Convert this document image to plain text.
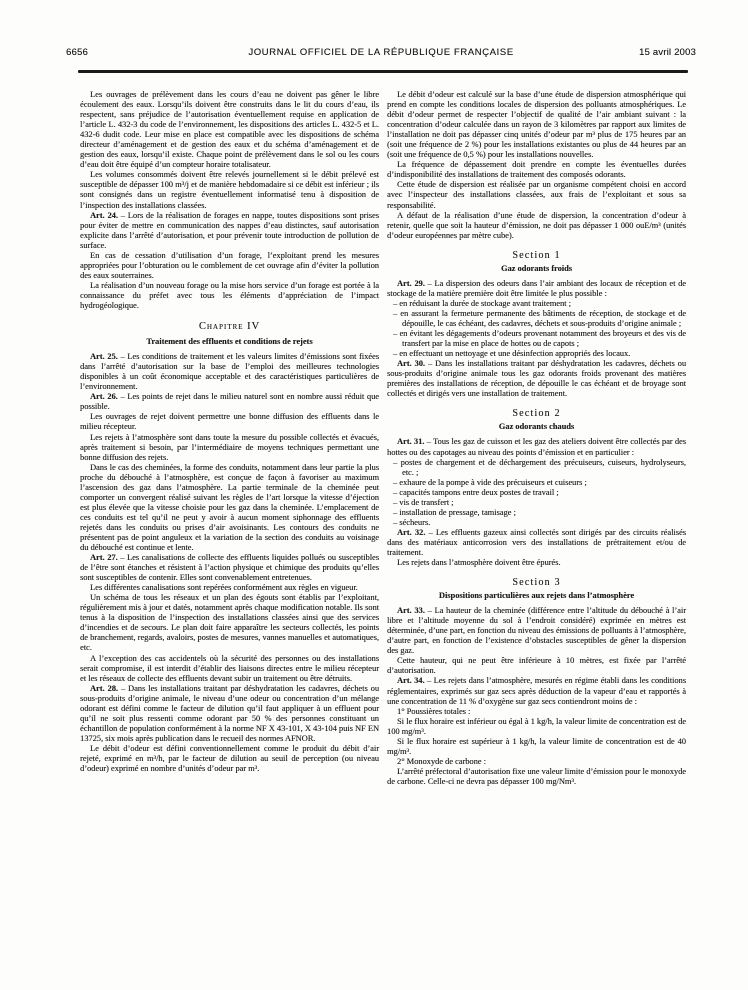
6656	JOURNAL OFFICIEL DE LA RÉPUBLIQUE FRANÇAISE	15 avril 2003

Les ouvrages de prélèvement dans les cours d’eau ne doivent pas gêner le libre écoulement des eaux. Lorsqu’ils doivent être construits dans le lit du cours d’eau, ils respectent, sans préjudice de l’autorisation éventuellement requise en application de l’article L. 432-3 du code de l’environnement, les dispositions des articles L. 432-5 et L. 432-6 dudit code. Leur mise en place est compatible avec les dispositions de schéma directeur d’aménagement et de gestion des eaux et du schéma d’aménagement et de gestion des eaux, lorsqu’il existe. Chaque point de prélèvement dans le sol ou les cours d’eau doit être équipé d’un compteur horaire totalisateur.

Les volumes consommés doivent être relevés journellement si le débit prélevé est susceptible de dépasser 100 m³/j et de manière hebdomadaire si ce débit est inférieur ; ils sont consignés dans un registre éventuellement informatisé tenu à disposition de l’inspection des installations classées.

Art. 24. – Lors de la réalisation de forages en nappe, toutes dispositions sont prises pour éviter de mettre en communication des nappes d’eau distinctes, sauf autorisation explicite dans l’arrêté d’autorisation, et pour prévenir toute introduction de pollution de surface.

En cas de cessation d’utilisation d’un forage, l’exploitant prend les mesures appropriées pour l’obturation ou le comblement de cet ouvrage afin d’éviter la pollution des eaux souterraines.

La réalisation d’un nouveau forage ou la mise hors service d’un forage est portée à la connaissance du préfet avec tous les éléments d’appréciation de l’impact hydrogéologique.

Chapitre IV

Traitement des effluents et conditions de rejets

Art. 25. – Les conditions de traitement et les valeurs limites d’émissions sont fixées dans l’arrêté d’autorisation sur la base de l’emploi des meilleures technologies disponibles à un coût économique acceptable et des caractéristiques particulières de l’environnement.

Art. 26. – Les points de rejet dans le milieu naturel sont en nombre aussi réduit que possible.

Les ouvrages de rejet doivent permettre une bonne diffusion des effluents dans le milieu récepteur.

Les rejets à l’atmosphère sont dans toute la mesure du possible collectés et évacués, après traitement si besoin, par l’intermédiaire de moyens techniques permettant une bonne diffusion des rejets.

Dans le cas des cheminées, la forme des conduits, notamment dans leur partie la plus proche du débouché à l’atmosphère, est conçue de façon à favoriser au maximum l’ascension des gaz dans l’atmosphère. La partie terminale de la cheminée peut comporter un convergent réalisé suivant les règles de l’art lorsque la vitesse d’éjection est plus élevée que la vitesse choisie pour les gaz dans la cheminée. L’emplacement de ces conduits est tel qu’il ne peut y avoir à aucun moment siphonnage des effluents rejetés dans les conduits ou prises d’air avoisinants. Les contours des conduits ne présentent pas de point anguleux et la variation de la section des conduits au voisinage du débouché est continue et lente.

Art. 27. – Les canalisations de collecte des effluents liquides pollués ou susceptibles de l’être sont étanches et résistent à l’action physique et chimique des produits qu’elles sont susceptibles de contenir. Elles sont convenablement entretenues.

Les différentes canalisations sont repérées conformément aux règles en vigueur.

Un schéma de tous les réseaux et un plan des égouts sont établis par l’exploitant, régulièrement mis à jour et datés, notamment après chaque modification notable. Ils sont tenus à la disposition de l’inspection des installations classées ainsi que des services d’incendies et de secours. Le plan doit faire apparaître les secteurs collectés, les points de branchement, regards, avaloirs, postes de mesures, vannes manuelles et automatiques, etc.

A l’exception des cas accidentels où la sécurité des personnes ou des installations serait compromise, il est interdit d’établir des liaisons directes entre le milieu récepteur et les réseaux de collecte des effluents devant subir un traitement ou être détruits.

Art. 28. – Dans les installations traitant par déshydratation les cadavres, déchets ou sous-produits d’origine animale, le niveau d’une odeur ou concentration d’un mélange odorant est défini comme le facteur de dilution qu’il faut appliquer à un effluent pour qu’il ne soit plus ressenti comme odorant par 50 % des personnes constituant un échantillon de population conformément à la norme NF X 43-101, X 43-104 puis NF EN 13725, six mois après publication dans le recueil des normes AFNOR.

Le débit d’odeur est défini conventionnellement comme le produit du débit d’air rejeté, exprimé en m³/h, par le facteur de dilution au seuil de perception (ou niveau d’odeur) exprimé en nombre d’unités d’odeur par m³.

Le débit d’odeur est calculé sur la base d’une étude de dispersion atmosphérique qui prend en compte les conditions locales de dispersion des polluants atmosphériques. Le débit d’odeur permet de respecter l’objectif de qualité de l’air ambiant suivant : la concentration d’odeur calculée dans un rayon de 3 kilomètres par rapport aux limites de l’installation ne doit pas dépasser cinq unités d’odeur par m³ plus de 175 heures par an (soit une fréquence de 2 %) pour les installations existantes ou plus de 44 heures par an (soit une fréquence de 0,5 %) pour les installations nouvelles.

La fréquence de dépassement doit prendre en compte les éventuelles durées d’indisponibilité des installations de traitement des composés odorants.

Cette étude de dispersion est réalisée par un organisme compétent choisi en accord avec l’inspecteur des installations classées, aux frais de l’exploitant et sous sa responsabilité.

A défaut de la réalisation d’une étude de dispersion, la concentration d’odeur à retenir, quelle que soit la hauteur d’émission, ne doit pas dépasser 1 000 ouE/m³ (unités d’odeur européennes par mètre cube).

Section 1

Gaz odorants froids

Art. 29. – La dispersion des odeurs dans l’air ambiant des locaux de réception et de stockage de la matière première doit être limitée le plus possible :

– en réduisant la durée de stockage avant traitement ;

– en assurant la fermeture permanente des bâtiments de réception, de stockage et de dépouille, le cas échéant, des cadavres, déchets et sous-produits d’origine animale ;

– en évitant les dégagements d’odeurs provenant notamment des broyeurs et des vis de transfert par la mise en place de hottes ou de capots ;

– en effectuant un nettoyage et une désinfection appropriés des locaux.

Art. 30. – Dans les installations traitant par déshydratation les cadavres, déchets ou sous-produits d’origine animale tous les gaz odorants froids provenant des matières premières des installations de réception, de dépouille le cas échéant et de broyage sont collectés et dirigés vers une installation de traitement.

Section 2

Gaz odorants chauds

Art. 31. – Tous les gaz de cuisson et les gaz des ateliers doivent être collectés par des hottes ou des capotages au niveau des points d’émission et en particulier :

– postes de chargement et de déchargement des précuiseurs, cuiseurs, hydrolyseurs, etc. ;

– exhaure de la pompe à vide des précuiseurs et cuiseurs ;

– capacités tampons entre deux postes de travail ;

– vis de transfert ;

– installation de pressage, tamisage ;

– sécheurs.

Art. 32. – Les effluents gazeux ainsi collectés sont dirigés par des circuits réalisés dans des matériaux anticorrosion vers des installations de prétraitement et/ou de traitement.

Les rejets dans l’atmosphère doivent être épurés.

Section 3

Dispositions particulières aux rejets dans l’atmosphère

Art. 33. – La hauteur de la cheminée (différence entre l’altitude du débouché à l’air libre et l’altitude moyenne du sol à l’endroit considéré) exprimée en mètres est déterminée, d’une part, en fonction du niveau des émissions de polluants à l’atmosphère, d’autre part, en fonction de l’existence d’obstacles susceptibles de gêner la dispersion des gaz.

Cette hauteur, qui ne peut être inférieure à 10 mètres, est fixée par l’arrêté d’autorisation.

Art. 34. – Les rejets dans l’atmosphère, mesurés en régime établi dans les conditions réglementaires, exprimés sur gaz secs après déduction de la vapeur d’eau et rapportés à une concentration de 11 % d’oxygène sur gaz secs contiendront moins de :

1° Poussières totales :

Si le flux horaire est inférieur ou égal à 1 kg/h, la valeur limite de concentration est de 100 mg/m³.

Si le flux horaire est supérieur à 1 kg/h, la valeur limite de concentration est de 40 mg/m³.

2° Monoxyde de carbone :

L’arrêté préfectoral d’autorisation fixe une valeur limite d’émission pour le monoxyde de carbone. Celle-ci ne devra pas dépasser 100 mg/Nm³.
